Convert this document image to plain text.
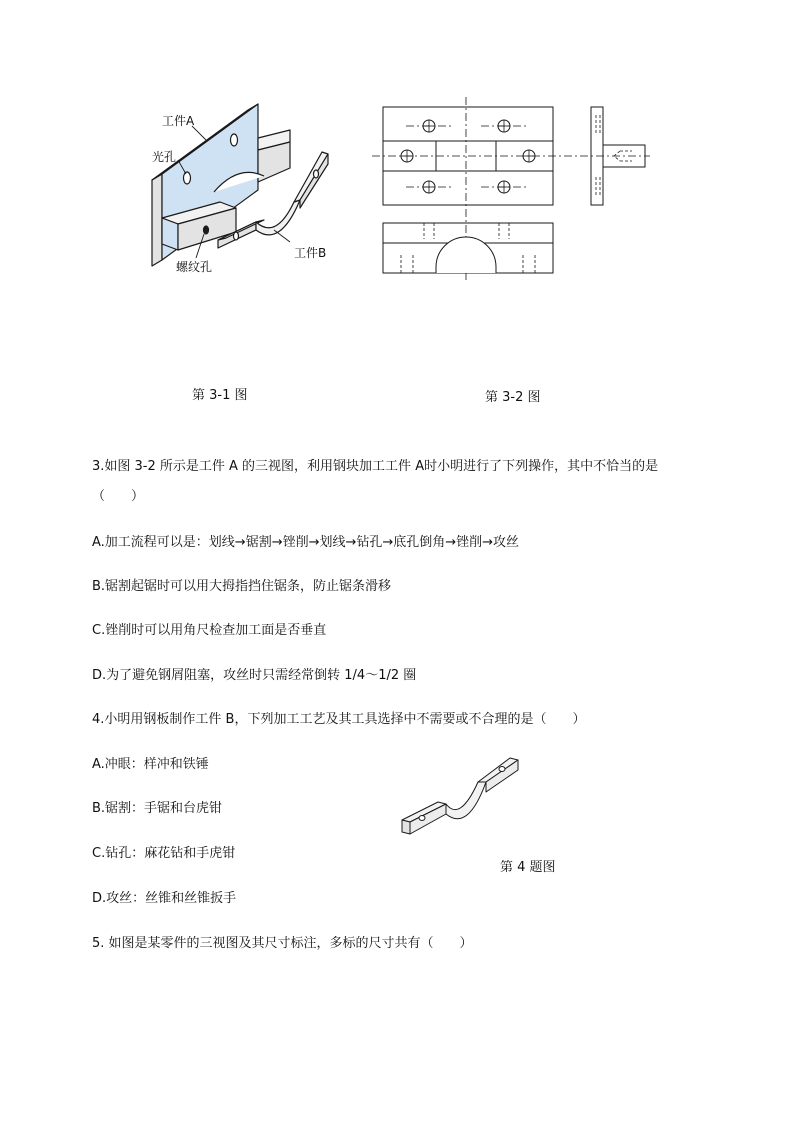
工件A
光孔
螺纹孔
工件B
第 3-1 图	第 3-2 图
3.如图 3-2 所示是工件 A 的三视图，利用钢块加工工件 A时小明进行了下列操作，其中不恰当的是
（　　）
A.加工流程可以是：划线→锯割→锉削→划线→钻孔→底孔倒角→锉削→攻丝
B.锯割起锯时可以用大拇指挡住锯条，防止锯条滑移
C.锉削时可以用角尺检查加工面是否垂直
D.为了避免钢屑阻塞，攻丝时只需经常倒转 1/4～1/2 圈
4.小明用钢板制作工件 B，下列加工工艺及其工具选择中不需要或不合理的是（　　）
A.冲眼：样冲和铁锤
B.锯割：手锯和台虎钳
C.钻孔：麻花钻和手虎钳
D.攻丝：丝锥和丝锥扳手
第 4 题图
5. 如图是某零件的三视图及其尺寸标注，多标的尺寸共有（　　）
